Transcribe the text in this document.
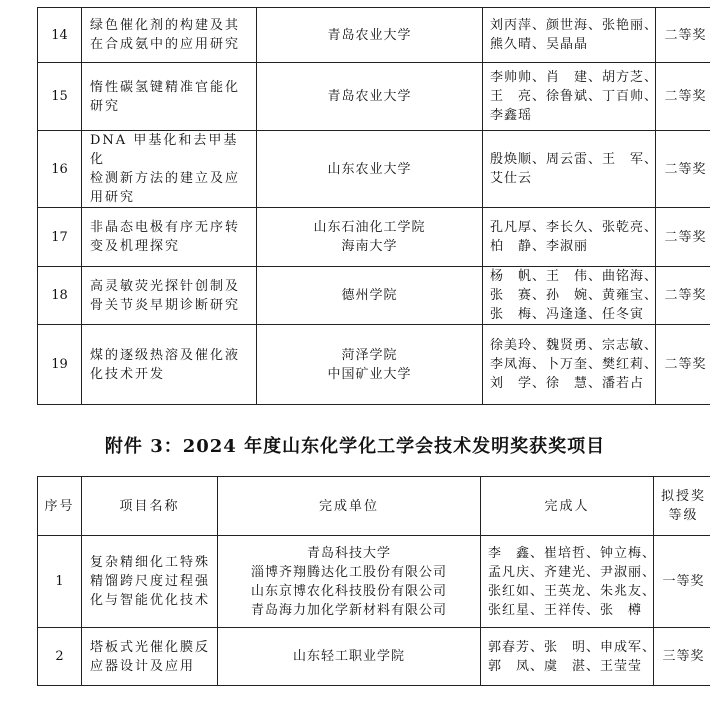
14	绿色催化剂的构建及其
在合成氨中的应用研究	青岛农业大学	刘丙萍、颜世海、张艳丽、
熊久晴、吴晶晶	二等奖
15	惰性碳氢键精准官能化
研究	青岛农业大学	李帅帅、肖　建、胡方芝、
王　亮、徐鲁斌、丁百帅、
李鑫瑶	二等奖
16	DNA 甲基化和去甲基化
检测新方法的建立及应
用研究	山东农业大学	殷焕顺、周云雷、王　军、
艾仕云	二等奖
17	非晶态电极有序无序转
变及机理探究	山东石油化工学院
海南大学	孔凡厚、李长久、张乾亮、
柏　静、李淑丽	二等奖
18	高灵敏荧光探针创制及
骨关节炎早期诊断研究	德州学院	杨　帆、王　伟、曲铭海、
张　赛、孙　婉、黄雍宝、
张　梅、冯逢逢、任冬寅	二等奖
19	煤的逐级热溶及催化液
化技术开发	菏泽学院
中国矿业大学	徐美玲、魏贤勇、宗志敏、
李凤海、卜万奎、樊红莉、
刘　学、徐　慧、潘若占	二等奖
附件 3：2024 年度山东化学化工学会技术发明奖获奖项目
序号	项目名称	完成单位	完成人	拟授奖
等级

1	复杂精细化工特殊
精馏跨尺度过程强
化与智能优化技术	青岛科技大学
淄博齐翔腾达化工股份有限公司
山东京博农化科技股份有限公司
青岛海力加化学新材料有限公司	李　鑫、崔培哲、钟立梅、
孟凡庆、齐建光、尹淑丽、
张红如、王英龙、朱兆友、
张红星、王祥传、张　樽	一等奖
2	塔板式光催化膜反
应器设计及应用	山东轻工职业学院	郭春芳、张　明、申成军、
郭　凤、虞　湛、王莹莹	三等奖
